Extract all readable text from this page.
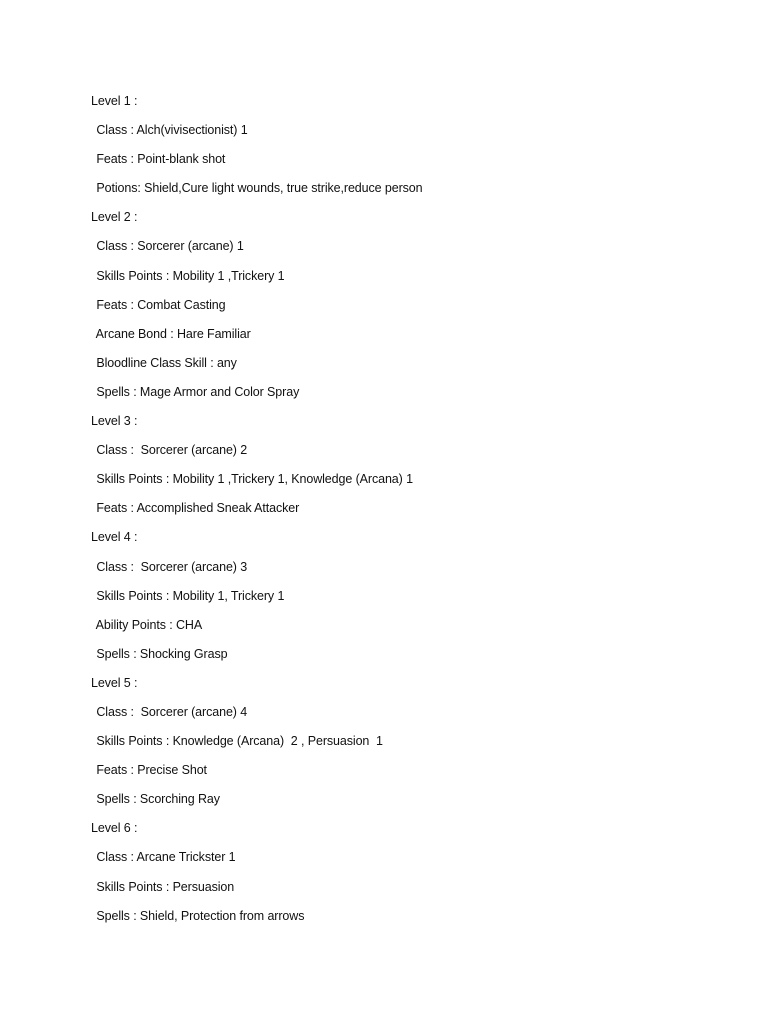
Level 1 :
Class : Alch(vivisectionist) 1
Feats : Point-blank shot
Potions: Shield,Cure light wounds, true strike,reduce person
Level 2 :
Class : Sorcerer (arcane) 1
Skills Points : Mobility 1 ,Trickery 1
Feats : Combat Casting
Arcane Bond : Hare Familiar
Bloodline Class Skill : any
Spells : Mage Armor and Color Spray
Level 3 :
Class :  Sorcerer (arcane) 2
Skills Points : Mobility 1 ,Trickery 1, Knowledge (Arcana) 1
Feats : Accomplished Sneak Attacker
Level 4 :
Class :  Sorcerer (arcane) 3
Skills Points : Mobility 1, Trickery 1
Ability Points : CHA
Spells : Shocking Grasp
Level 5 :
Class :  Sorcerer (arcane) 4
Skills Points : Knowledge (Arcana)  2 , Persuasion  1
Feats : Precise Shot
Spells : Scorching Ray
Level 6 :
Class : Arcane Trickster 1
Skills Points : Persuasion
Spells : Shield, Protection from arrows
